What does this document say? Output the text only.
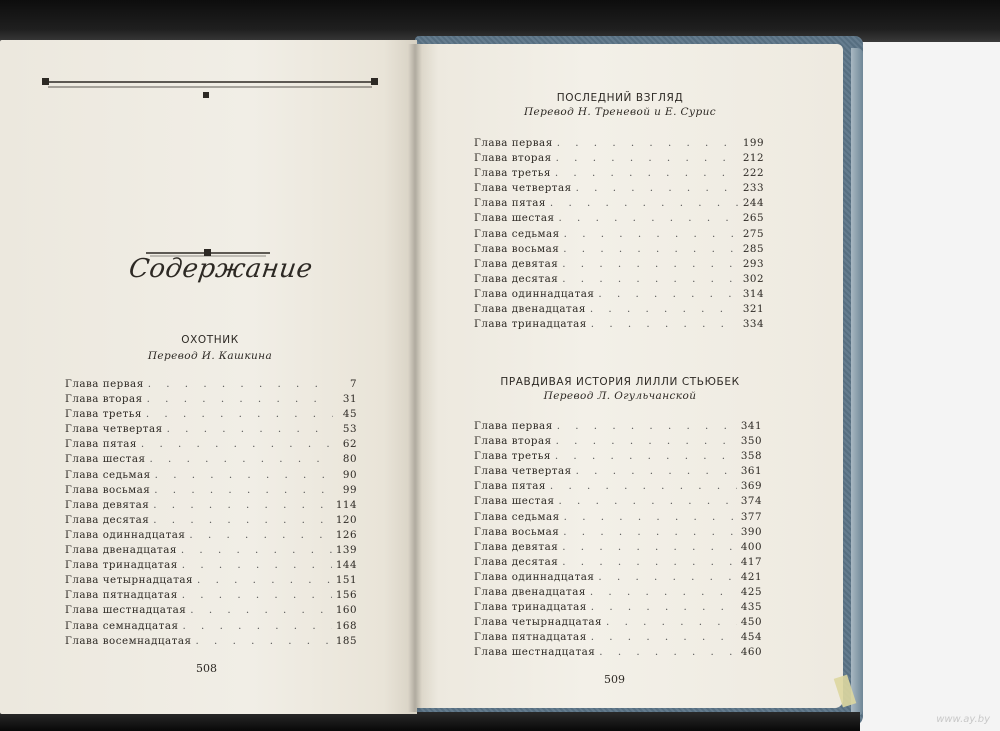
Содержание
ОХОТНИК
Перевод И. Кашкина
Глава первая . . .	7
Глава вторая . . .	31
Глава третья . . .	45
Глава четвертая . . .	53
Глава пятая . . .	62
Глава шестая . . .	80
Глава седьмая . . .	90
Глава восьмая . . .	99
Глава девятая . . .	114
Глава десятая . . .	120
Глава одиннадцатая . . .	126
Глава двенадцатая . . .	139
Глава тринадцатая . . .	144
Глава четырнадцатая . . .	151
Глава пятнадцатая . . .	156
Глава шестнадцатая . . .	160
Глава семнадцатая . . .	168
Глава восемнадцатая . . .	185
508
ПОСЛЕДНИЙ ВЗГЛЯД
Перевод Н. Треневой и Е. Сурис
Глава первая . . .	199
Глава вторая . . .	212
Глава третья . . .	222
Глава четвертая . . .	233
Глава пятая . . .	244
Глава шестая . . .	265
Глава седьмая . . .	275
Глава восьмая . . .	285
Глава девятая . . .	293
Глава десятая . . .	302
Глава одиннадцатая . . .	314
Глава двенадцатая . . .	321
Глава тринадцатая . . .	334
ПРАВДИВАЯ ИСТОРИЯ ЛИЛЛИ СТЬЮБЕК
Перевод Л. Огульчанской
Глава первая . . .	341
Глава вторая . . .	350
Глава третья . . .	358
Глава четвертая . . .	361
Глава пятая . . .	369
Глава шестая . . .	374
Глава седьмая . . .	377
Глава восьмая . . .	390
Глава девятая . . .	400
Глава десятая . . .	417
Глава одиннадцатая . . .	421
Глава двенадцатая . . .	425
Глава тринадцатая . . .	435
Глава четырнадцатая . . .	450
Глава пятнадцатая . . .	454
Глава шестнадцатая . . .	460
509
www.ay.by
